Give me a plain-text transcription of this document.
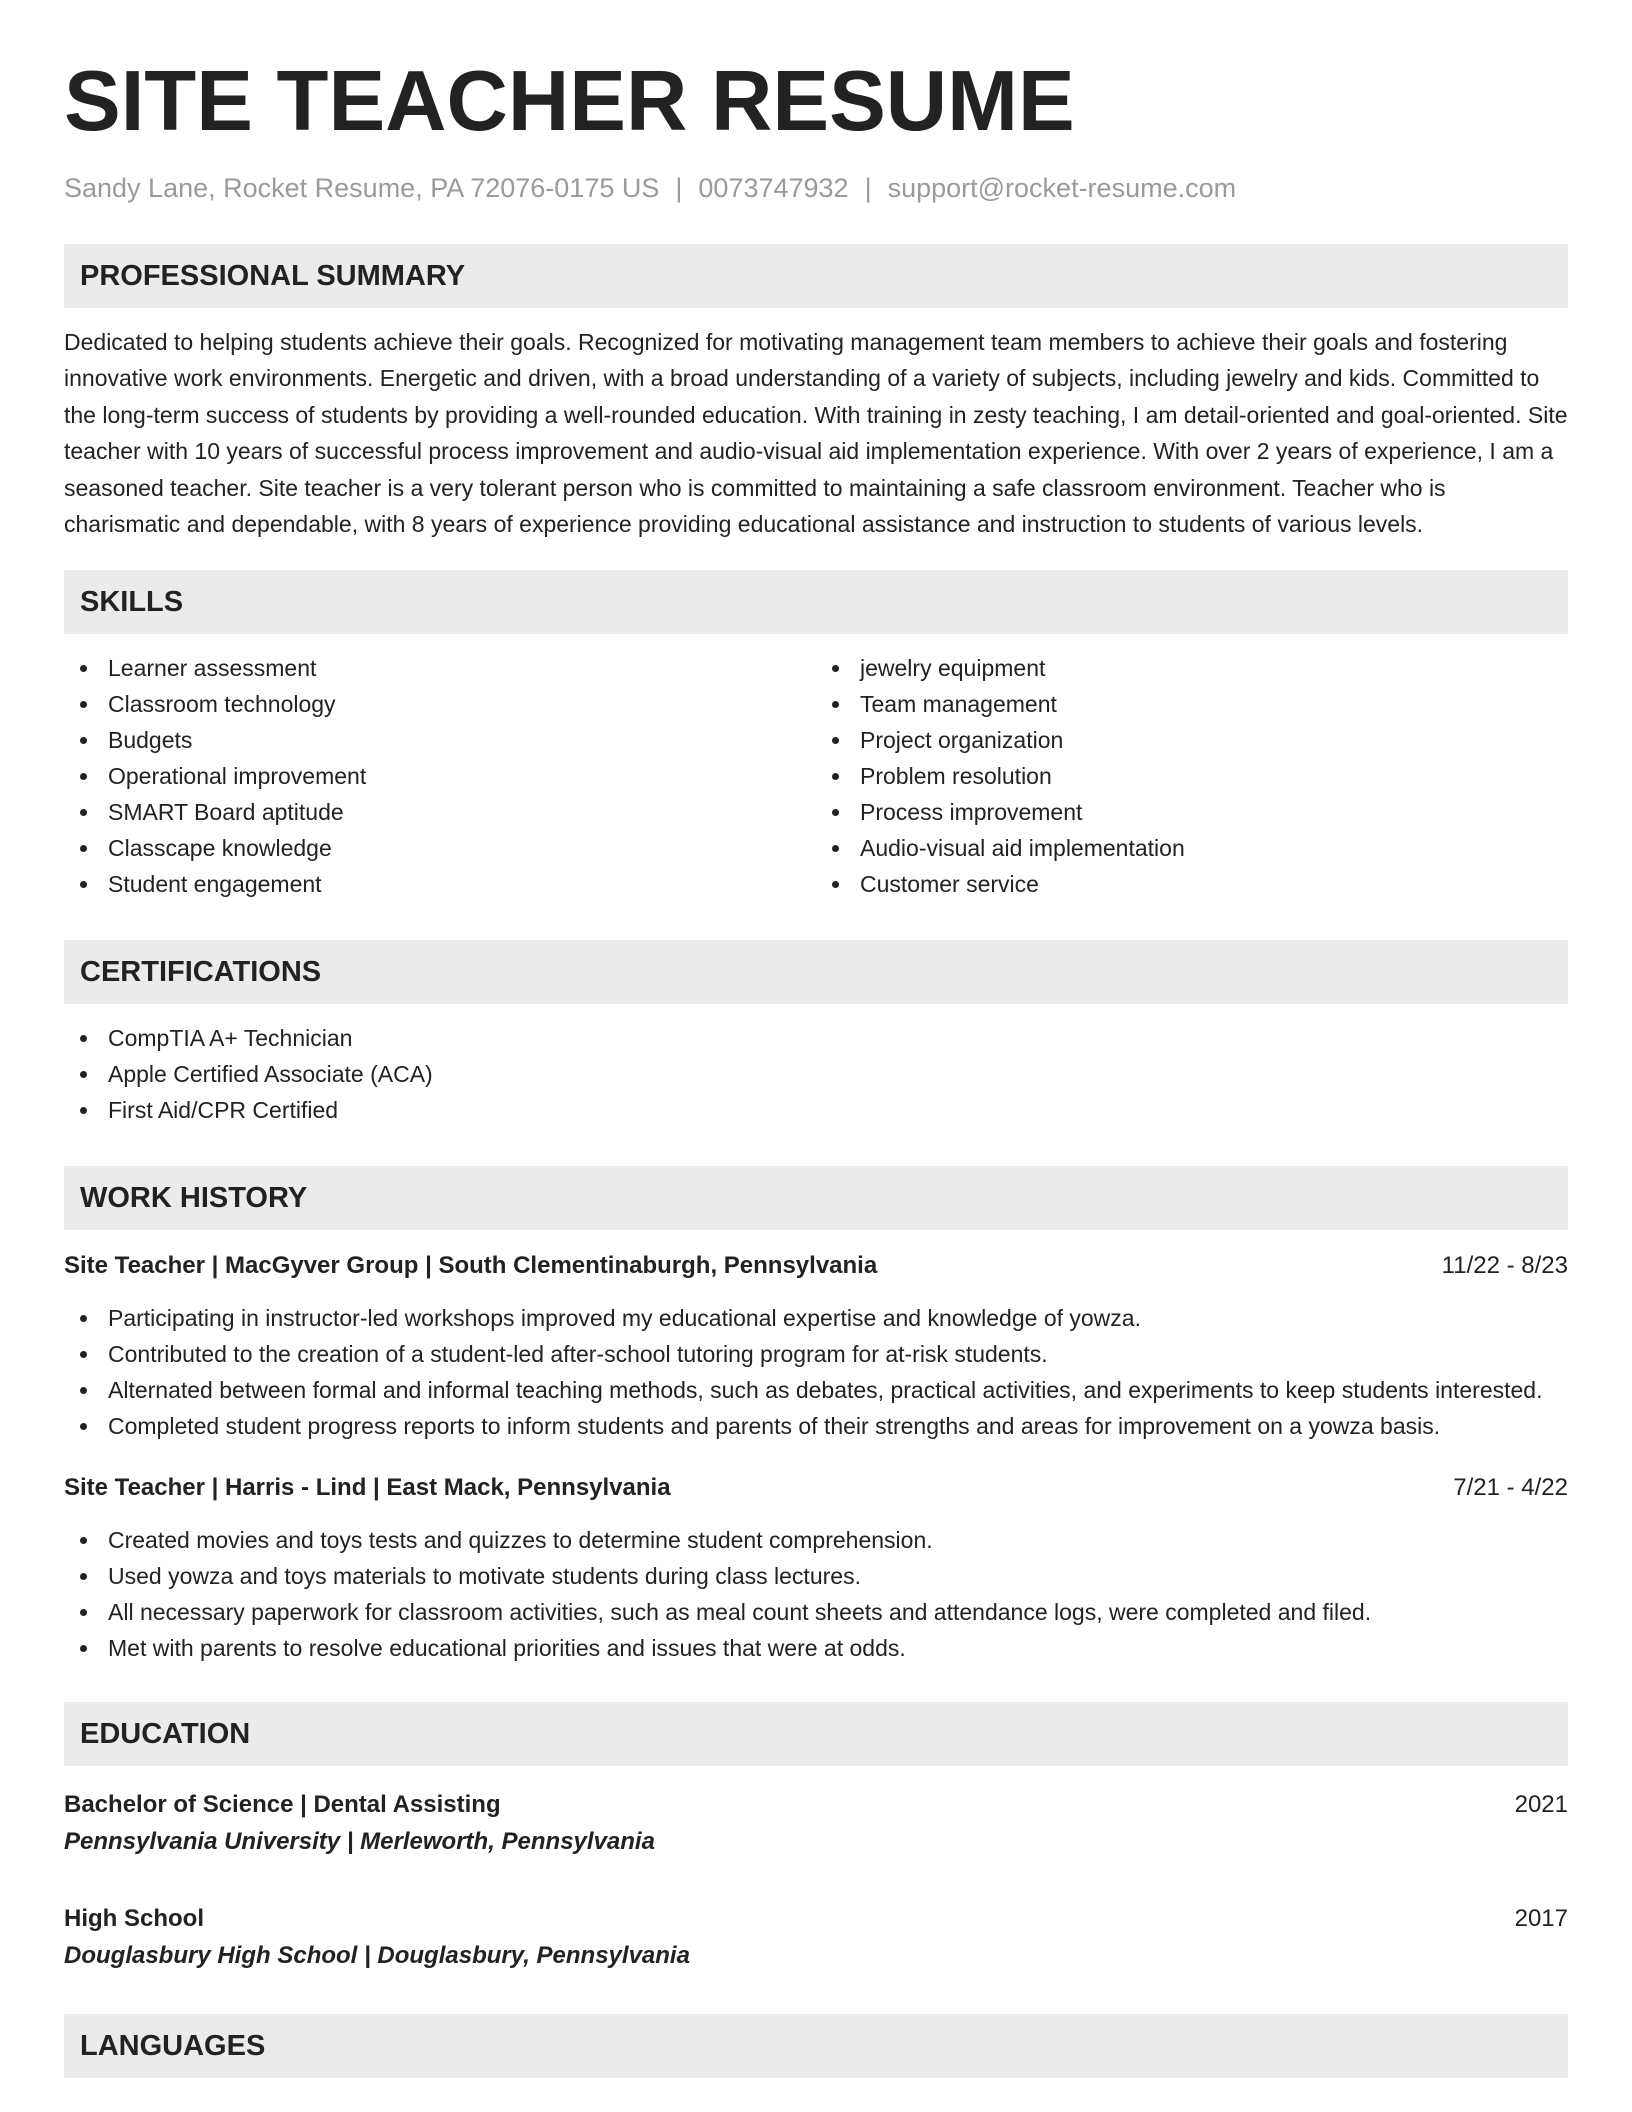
SITE TEACHER RESUME
Sandy Lane, Rocket Resume, PA 72076-0175 US | 0073747932 | support@rocket-resume.com
PROFESSIONAL SUMMARY
Dedicated to helping students achieve their goals. Recognized for motivating management team members to achieve their goals and fostering innovative work environments. Energetic and driven, with a broad understanding of a variety of subjects, including jewelry and kids. Committed to the long-term success of students by providing a well-rounded education. With training in zesty teaching, I am detail-oriented and goal-oriented. Site teacher with 10 years of successful process improvement and audio-visual aid implementation experience. With over 2 years of experience, I am a seasoned teacher. Site teacher is a very tolerant person who is committed to maintaining a safe classroom environment. Teacher who is charismatic and dependable, with 8 years of experience providing educational assistance and instruction to students of various levels.
SKILLS
Learner assessment
Classroom technology
Budgets
Operational improvement
SMART Board aptitude
Classcape knowledge
Student engagement
jewelry equipment
Team management
Project organization
Problem resolution
Process improvement
Audio-visual aid implementation
Customer service
CERTIFICATIONS
CompTIA A+ Technician
Apple Certified Associate (ACA)
First Aid/CPR Certified
WORK HISTORY
Site Teacher | MacGyver Group | South Clementinaburgh, Pennsylvania	11/22 - 8/23
Participating in instructor-led workshops improved my educational expertise and knowledge of yowza.
Contributed to the creation of a student-led after-school tutoring program for at-risk students.
Alternated between formal and informal teaching methods, such as debates, practical activities, and experiments to keep students interested.
Completed student progress reports to inform students and parents of their strengths and areas for improvement on a yowza basis.
Site Teacher | Harris - Lind | East Mack, Pennsylvania	7/21 - 4/22
Created movies and toys tests and quizzes to determine student comprehension.
Used yowza and toys materials to motivate students during class lectures.
All necessary paperwork for classroom activities, such as meal count sheets and attendance logs, were completed and filed.
Met with parents to resolve educational priorities and issues that were at odds.
EDUCATION
Bachelor of Science | Dental Assisting	2021
Pennsylvania University | Merleworth, Pennsylvania
High School	2017
Douglasbury High School | Douglasbury, Pennsylvania
LANGUAGES
